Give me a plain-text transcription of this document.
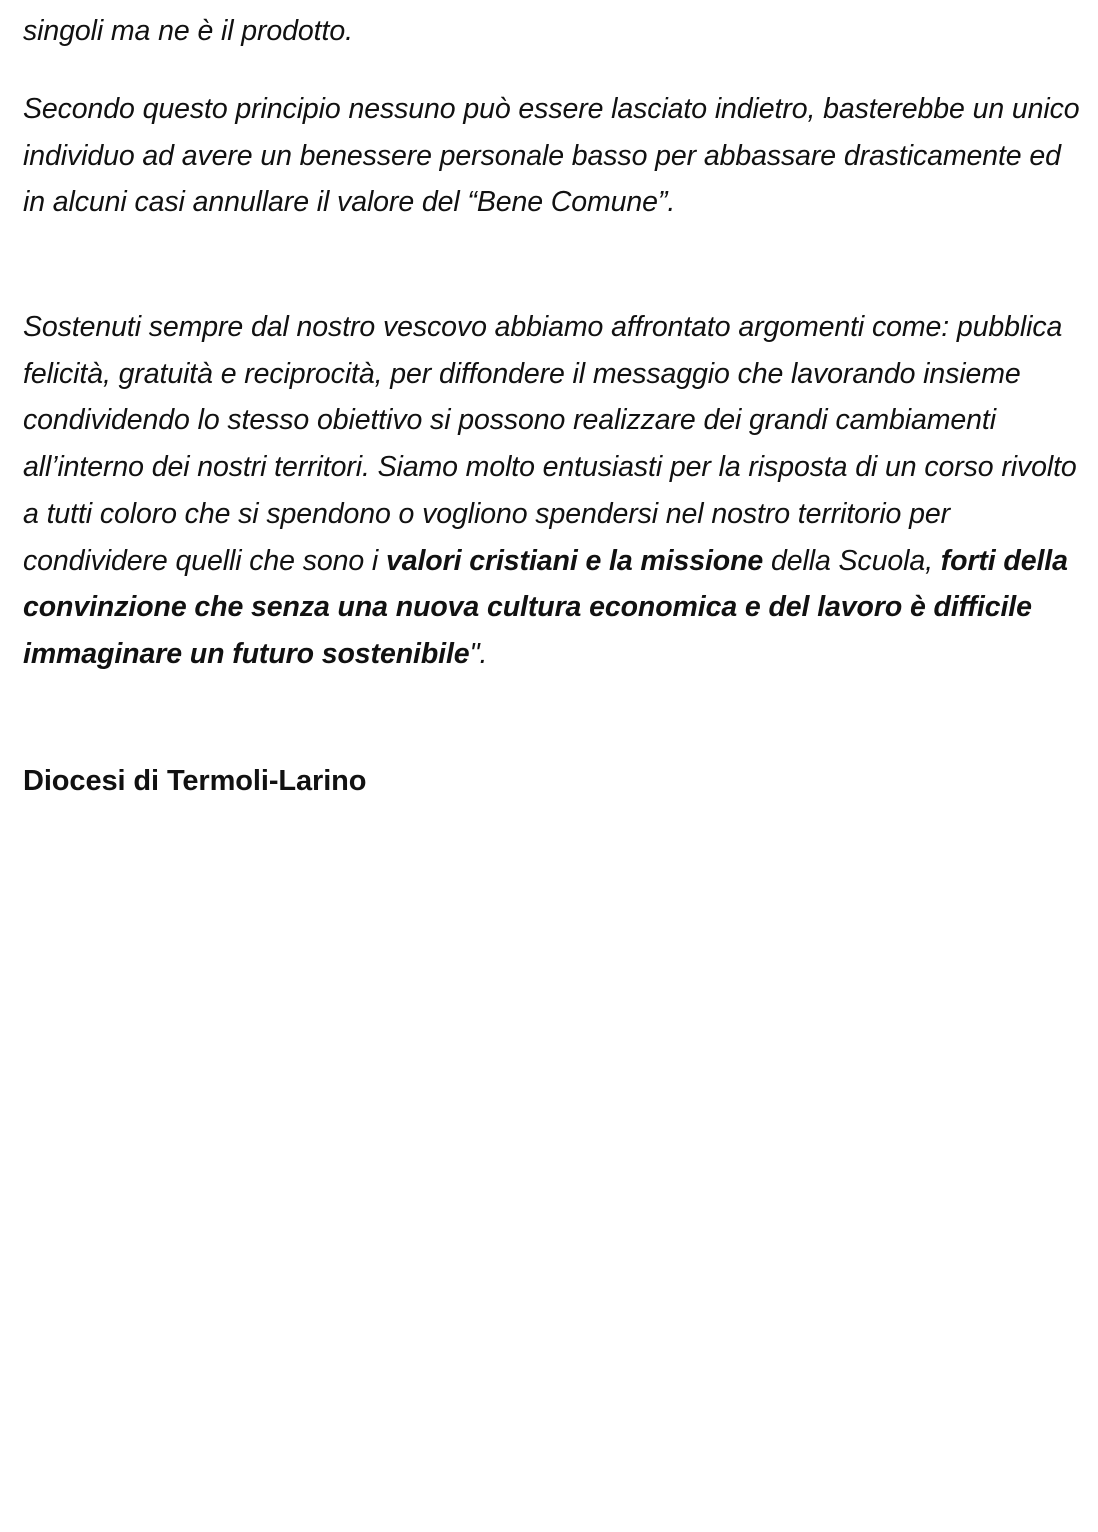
singoli ma ne è il prodotto.

Secondo questo principio nessuno può essere lasciato indietro, basterebbe un unico individuo ad avere un benessere personale basso per abbassare drasticamente ed in alcuni casi annullare il valore del “Bene Comune”.

Sostenuti sempre dal nostro vescovo abbiamo affrontato argomenti come: pubblica felicità, gratuità e reciprocità, per diffondere il messaggio che lavorando insieme condividendo lo stesso obiettivo si possono realizzare dei grandi cambiamenti all’interno dei nostri territori. Siamo molto entusiasti per la risposta di un corso rivolto a tutti coloro che si spendono o vogliono spendersi nel nostro territorio per condividere quelli che sono i valori cristiani e la missione della Scuola, forti della convinzione che senza una nuova cultura economica e del lavoro è difficile immaginare un futuro sostenibile".

Diocesi di Termoli-Larino
